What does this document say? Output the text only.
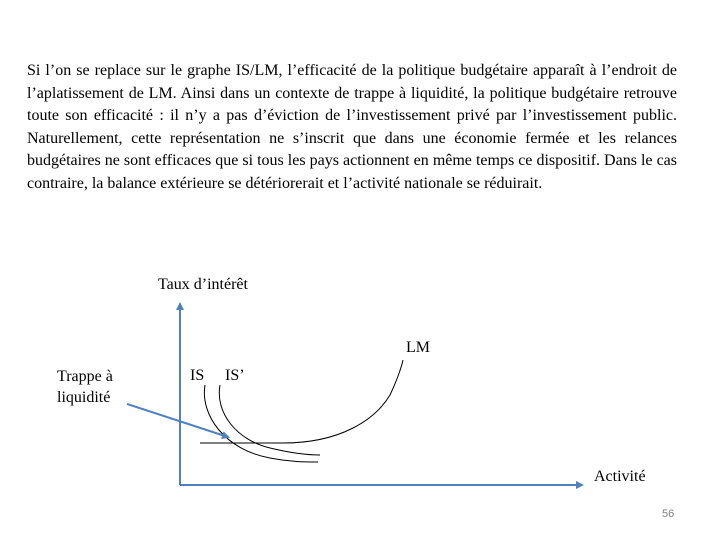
Si l’on se replace sur le graphe IS/LM, l’efficacité de la politique budgétaire apparaît à l’endroit de l’aplatissement de LM. Ainsi dans un contexte de trappe à liquidité, la politique budgétaire retrouve toute son efficacité : il n’y a pas d’éviction de l’investissement privé par l’investissement public. Naturellement, cette représentation ne s’inscrit que dans une économie fermée et les relances budgétaires ne sont efficaces que si tous les pays actionnent en même temps ce dispositif. Dans le cas contraire, la balance extérieure se détériorerait et l’activité nationale se réduirait.

Taux d’intérêt

LM

IS IS’

Trappe à liquidité

Activité

56
